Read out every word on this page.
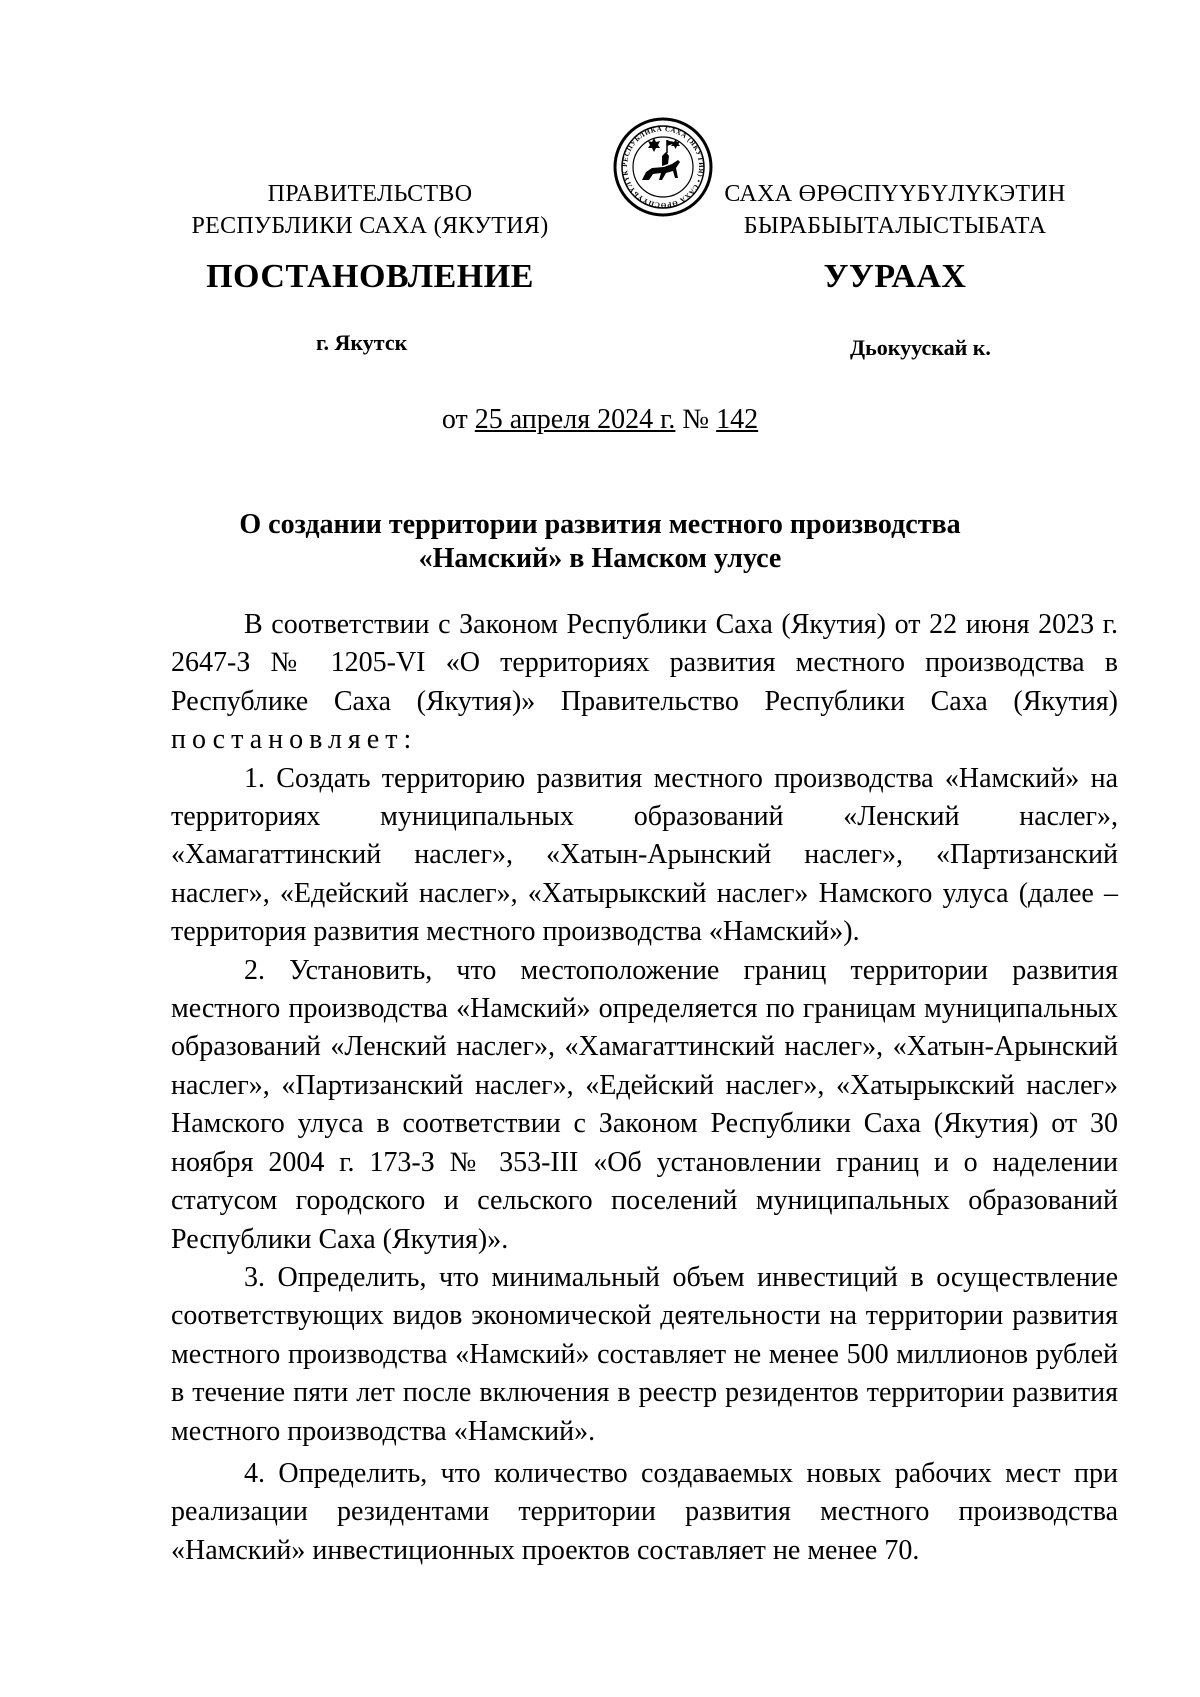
ПРАВИТЕЛЬСТВО
РЕСПУБЛИКИ САХА (ЯКУТИЯ)
РЕСПУБЛИКА САХА (ЯКУТИЯ) • САХА ӨРӨСПҮҮБҮЛҮК
САХА ӨРӨСПҮҮБҮЛҮКЭТИН
БЫРАБЫЫТАЛЫСТЫБАТА
ПОСТАНОВЛЕНИЕ	УУРААХ
г. Якутск	Дьокуускай к.
от 25 апреля 2024 г. № 142
О создании территории развития местного производства
«Намский» в Намском улусе

В соответствии с Законом Республики Саха (Якутия) от 22 июня 2023 г. 2647-З № 1205-VI «О территориях развития местного производства в Республике Саха (Якутия)» Правительство Республики Саха (Якутия) постановляет:

1. Создать территорию развития местного производства «Намский» на территориях муниципальных образований «Ленский наслег», «Хамагаттинский наслег», «Хатын-Арынский наслег», «Партизанский наслег», «Едейский наслег», «Хатырыкский наслег» Намского улуса (далее – территория развития местного производства «Намский»).

2. Установить, что местоположение границ территории развития местного производства «Намский» определяется по границам муниципальных образований «Ленский наслег», «Хамагаттинский наслег», «Хатын-Арынский наслег», «Партизанский наслег», «Едейский наслег», «Хатырыкский наслег» Намского улуса в соответствии с Законом Республики Саха (Якутия) от 30 ноября 2004 г. 173-З № 353-III «Об установлении границ и о наделении статусом городского и сельского поселений муниципальных образований Республики Саха (Якутия)».

3. Определить, что минимальный объем инвестиций в осуществление соответствующих видов экономической деятельности на территории развития местного производства «Намский» составляет не менее 500 миллионов рублей в течение пяти лет после включения в реестр резидентов территории развития местного производства «Намский».

4. Определить, что количество создаваемых новых рабочих мест при реализации резидентами территории развития местного производства «Намский» инвестиционных проектов составляет не менее 70.
